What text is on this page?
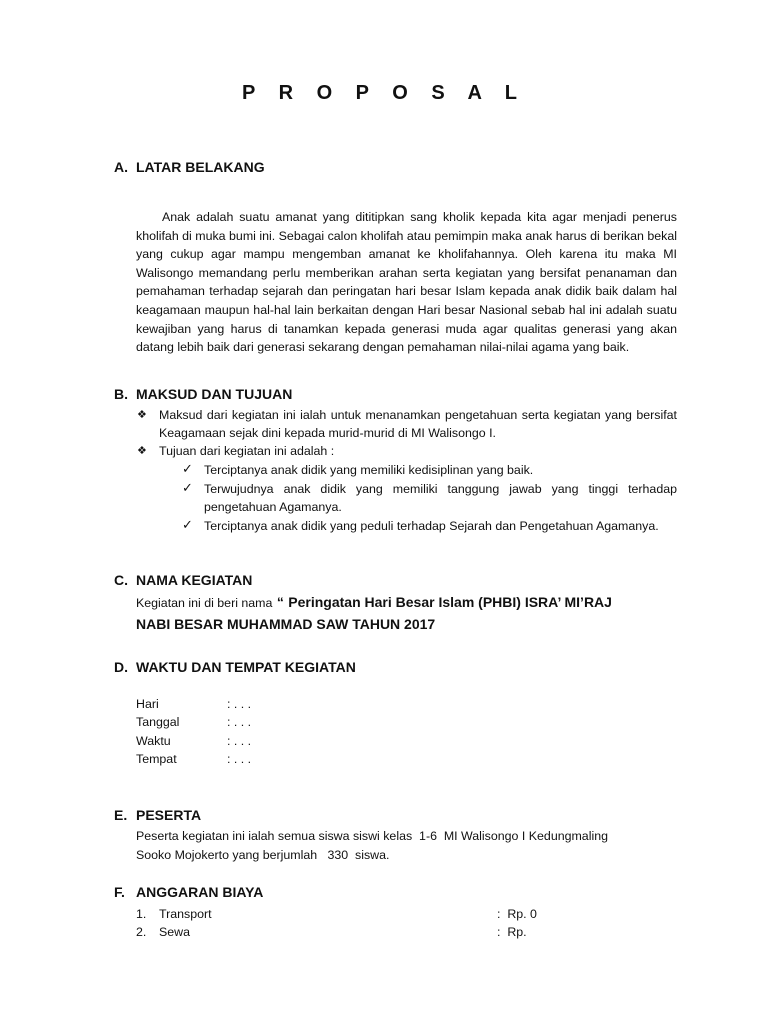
P R O P O S A L
A. LATAR BELAKANG
Anak adalah suatu amanat yang dititipkan sang kholik kepada kita agar menjadi penerus kholifah di muka bumi ini. Sebagai calon kholifah atau pemimpin maka anak harus di berikan bekal yang cukup agar mampu mengemban amanat ke kholifahannya. Oleh karena itu maka MI Walisongo memandang perlu memberikan arahan serta kegiatan yang bersifat penanaman dan pemahaman terhadap sejarah dan peringatan hari besar Islam kepada anak didik baik dalam hal keagamaan maupun hal-hal lain berkaitan dengan Hari besar Nasional sebab hal ini adalah suatu kewajiban yang harus di tanamkan kepada generasi muda agar qualitas generasi yang akan datang lebih baik dari generasi sekarang dengan pemahaman nilai-nilai agama yang baik.
B. MAKSUD DAN TUJUAN
❖ Maksud dari kegiatan ini ialah untuk menanamkan pengetahuan serta kegiatan yang bersifat Keagamaan sejak dini kepada murid-murid di MI Walisongo I.
❖ Tujuan dari kegiatan ini adalah :
✓ Terciptanya anak didik yang memiliki kedisiplinan yang baik.
✓ Terwujudnya anak didik yang memiliki tanggung jawab yang tinggi terhadap pengetahuan Agamanya.
✓ Terciptanya anak didik yang peduli terhadap Sejarah dan Pengetahuan Agamanya.
C. NAMA KEGIATAN
Kegiatan ini di beri nama “ Peringatan Hari Besar Islam (PHBI) ISRA’ MI’RAJ
NABI BESAR MUHAMMAD SAW TAHUN 2017
D. WAKTU DAN TEMPAT KEGIATAN
Hari	: . . .
Tanggal	: . . .
Waktu	: . . .
Tempat	: . . .
E. PESERTA
Peserta kegiatan ini ialah semua siswa siswi kelas  1-6  MI Walisongo I Kedungmaling
Sooko Mojokerto yang berjumlah   330  siswa.
F. ANGGARAN BIAYA
1. Transport	:  Rp. 0
2. Sewa	:  Rp.
